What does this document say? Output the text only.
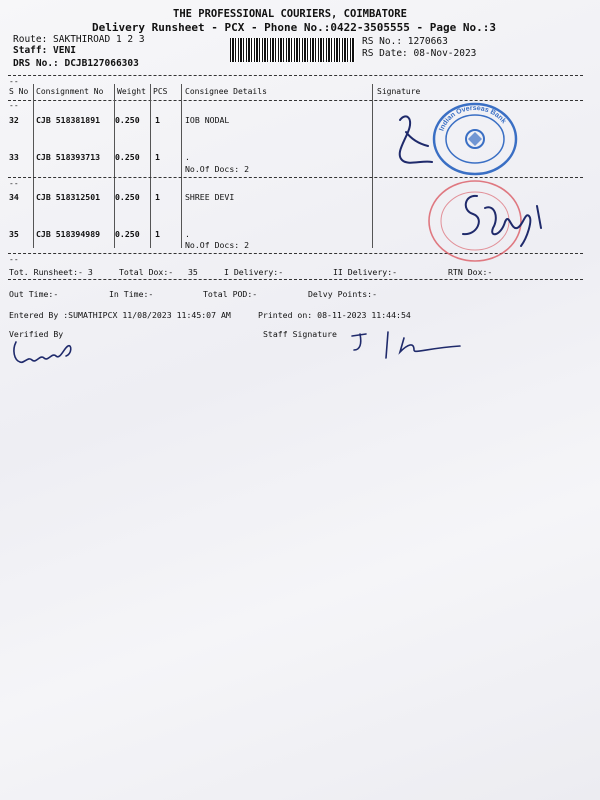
THE PROFESSIONAL COURIERS, COIMBATORE
Delivery Runsheet - PCX - Phone No.:0422-3505555 - Page No.:3
Route: SAKTHIROAD 1 2 3
Staff: VENI
DRS No.: DCJB127066303
RS No.: 1270663
RS Date: 08-Nov-2023
--
S No Consignment No Weight PCS Consignee Details	Signature
--
32 CJB 518381891 0.250 1	IOB NODAL
33 CJB 518393713 0.250 1	.
No.Of Docs: 2
--
34 CJB 518312501 0.250 1	SHREE DEVI
35 CJB 518394989 0.250 1	.
No.Of Docs: 2
--
Tot. Runsheet:- 3	Total Dox:- 35	I Delivery:-	II Delivery:-	RTN Dox:-
Out Time:-	In Time:-	Total POD:-	Delvy Points:-
Entered By :SUMATHIPCX 11/08/2023 11:45:07 AM	Printed on: 08-11-2023 11:44:54
Verified By	Staff Signature
Indian Overseas Bank
